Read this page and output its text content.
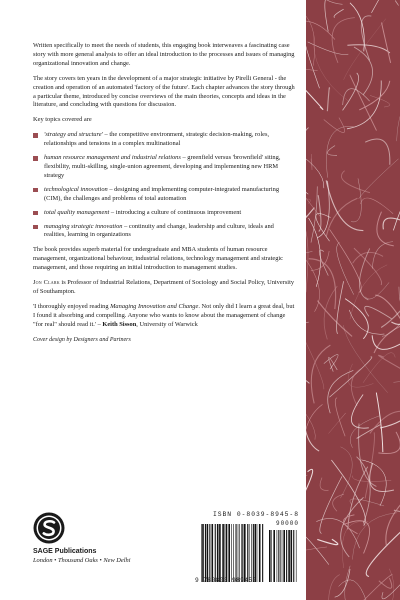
Written specifically to meet the needs of students, this engaging book interweaves a fascinating case story with more general analysis to offer an ideal introduction to the processes and issues of managing organizational innovation and change.

The story covers ten years in the development of a major strategic initiative by Pirelli General - the creation and operation of an automated 'factory of the future'. Each chapter advances the story through a particular theme, introduced by concise overviews of the main theories, concepts and ideas in the literature, and concluding with questions for discussion.

Key topics covered are

'strategy and structure' – the competitive environment, strategic decision-making, roles, relationships and tensions in a complex multinational
human resource management and industrial relations – greenfield versus 'brownfield' siting, flexibility, multi-skilling, single-union agreement, developing and implementing new HRM strategy
technological innovation – designing and implementing computer-integrated manufacturing (CIM), the challenges and problems of total automation
total quality management – introducing a culture of continuous improvement
managing strategic innovation – continuity and change, leadership and culture, ideals and realities, learning in organizations

The book provides superb material for undergraduate and MBA students of human resource management, organizational behaviour, industrial relations, technology management and strategic management, and those requiring an initial introduction to management studies.

Jon Clark is Professor of Industrial Relations, Department of Sociology and Social Policy, University of Southampton.

'I thoroughly enjoyed reading Managing Innovation and Change. Not only did I learn a great deal, but I found it absorbing and compelling. Anyone who wants to know about the management of change "for real" should read it.' – Keith Sisson, University of Warwick

Cover design by Designers and Partners

SAGE Publications
London • Thousand Oaks • New Delhi
ISBN 0-8039-8945-8
90000
9 780803 989450
